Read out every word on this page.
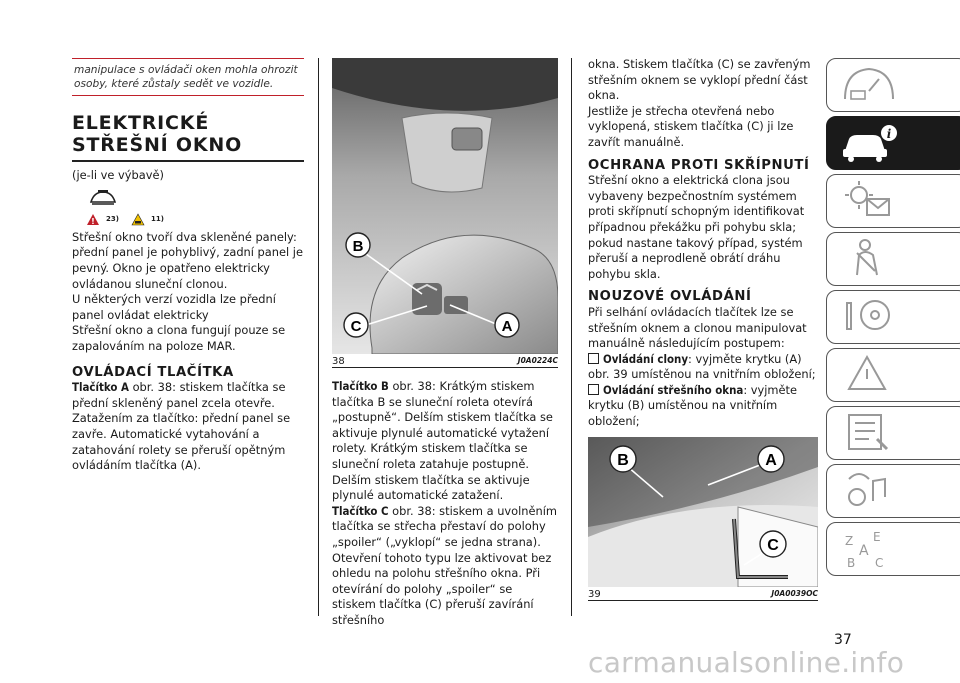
manipulace s ovládači oken mohla ohrozit osoby, které zůstaly sedět ve vozidle.
ELEKTRICKÉ STŘEŠNÍ OKNO

(je-li ve výbavě)

! 23)	11)

Střešní okno tvoří dva skleněné panely: přední panel je pohyblivý, zadní panel je pevný. Okno je opatřeno elektricky ovládanou sluneční clonou.

U některých verzí vozidla lze přední panel ovládat elektricky

Střešní okno a clona fungují pouze se zapalováním na poloze MAR.

OVLÁDACÍ TLAČÍTKA

Tlačítko A obr. 38: stiskem tlačítka se přední skleněný panel zcela otevře. Zatažením za tlačítko: přední panel se zavře. Automatické vytahování a zatahování rolety se přeruší opětným ovládáním tlačítka (A).

B
C	A
38	J0A0224C

Tlačítko B obr. 38: Krátkým stiskem tlačítka B se sluneční roleta otevírá „postupně“. Delším stiskem tlačítka se aktivuje plynulé automatické vytažení rolety. Krátkým stiskem tlačítka se sluneční roleta zatahuje postupně.

Delším stiskem tlačítka se aktivuje plynulé automatické zatažení.

Tlačítko C obr. 38: stiskem a uvolněním tlačítka se střecha přestaví do polohy „spoiler“ („vyklopí“ se jedna strana). Otevření tohoto typu lze aktivovat bez ohledu na polohu střešního okna. Při otevírání do polohy „spoiler“ se stiskem tlačítka (C) přeruší zavírání střešního

okna. Stiskem tlačítka (C) se zavřeným střešním oknem se vyklopí přední část okna.

Jestliže je střecha otevřená nebo vyklopená, stiskem tlačítka (C) ji lze zavřít manuálně.

OCHRANA PROTI SKŘÍPNUTÍ

Střešní okno a elektrická clona jsou vybaveny bezpečnostním systémem proti skřípnutí schopným identifikovat případnou překážku při pohybu skla; pokud nastane takový případ, systém přeruší a neprodleně obrátí dráhu pohybu skla.

NOUZOVÉ OVLÁDÁNÍ

Při selhání ovládacích tlačítek lze se střešním oknem a clonou manipulovat manuálně následujícím postupem:

Ovládání clony: vyjměte krytku (A) obr. 39 umístěnou na vnitřním obložení;

Ovládání střešního okna: vyjměte krytku (B) umístěnou na vnitřním obložení;

B	A
C
39	J0A0039OC
i
Z E
A
B C
37
carmanualsonline.info
